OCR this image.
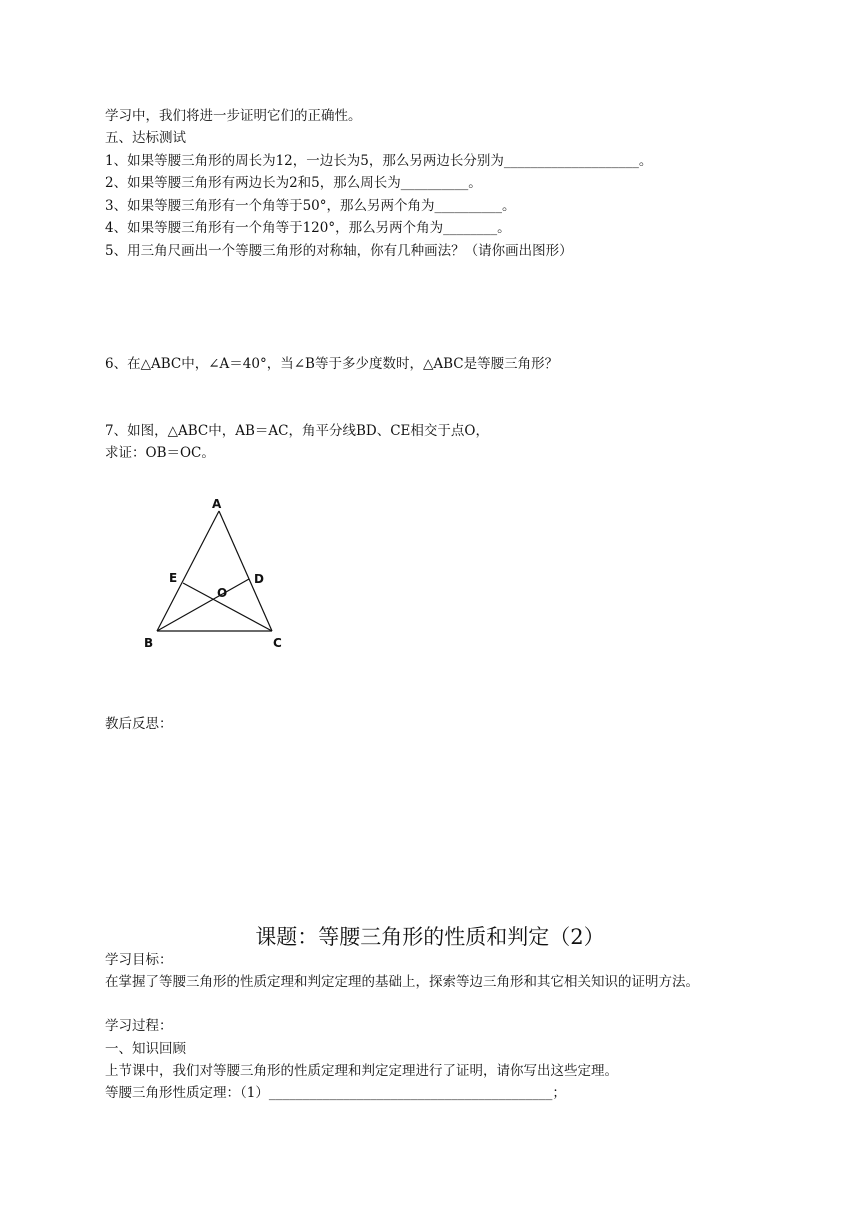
学习中，我们将进一步证明它们的正确性。
五、达标测试
1、如果等腰三角形的周长为12，一边长为5，那么另两边长分别为____________________。
2、如果等腰三角形有两边长为2和5，那么周长为__________。
3、如果等腰三角形有一个角等于50°，那么另两个角为__________。
4、如果等腰三角形有一个角等于120°，那么另两个角为________。
5、用三角尺画出一个等腰三角形的对称轴，你有几种画法？（请你画出图形）
6、在△ABC中，∠A＝40°，当∠B等于多少度数时，△ABC是等腰三角形？
7、如图，△ABC中，AB＝AC，角平分线BD、CE相交于点O，
求证：OB＝OC。
A
B	C
D
E
O
教后反思：
课题：等腰三角形的性质和判定（2）
学习目标：
在掌握了等腰三角形的性质定理和判定定理的基础上，探索等边三角形和其它相关知识的证明方法。
学习过程：
一、知识回顾
上节课中，我们对等腰三角形的性质定理和判定定理进行了证明，请你写出这些定理。
等腰三角形性质定理：（1）__________________________________________；
